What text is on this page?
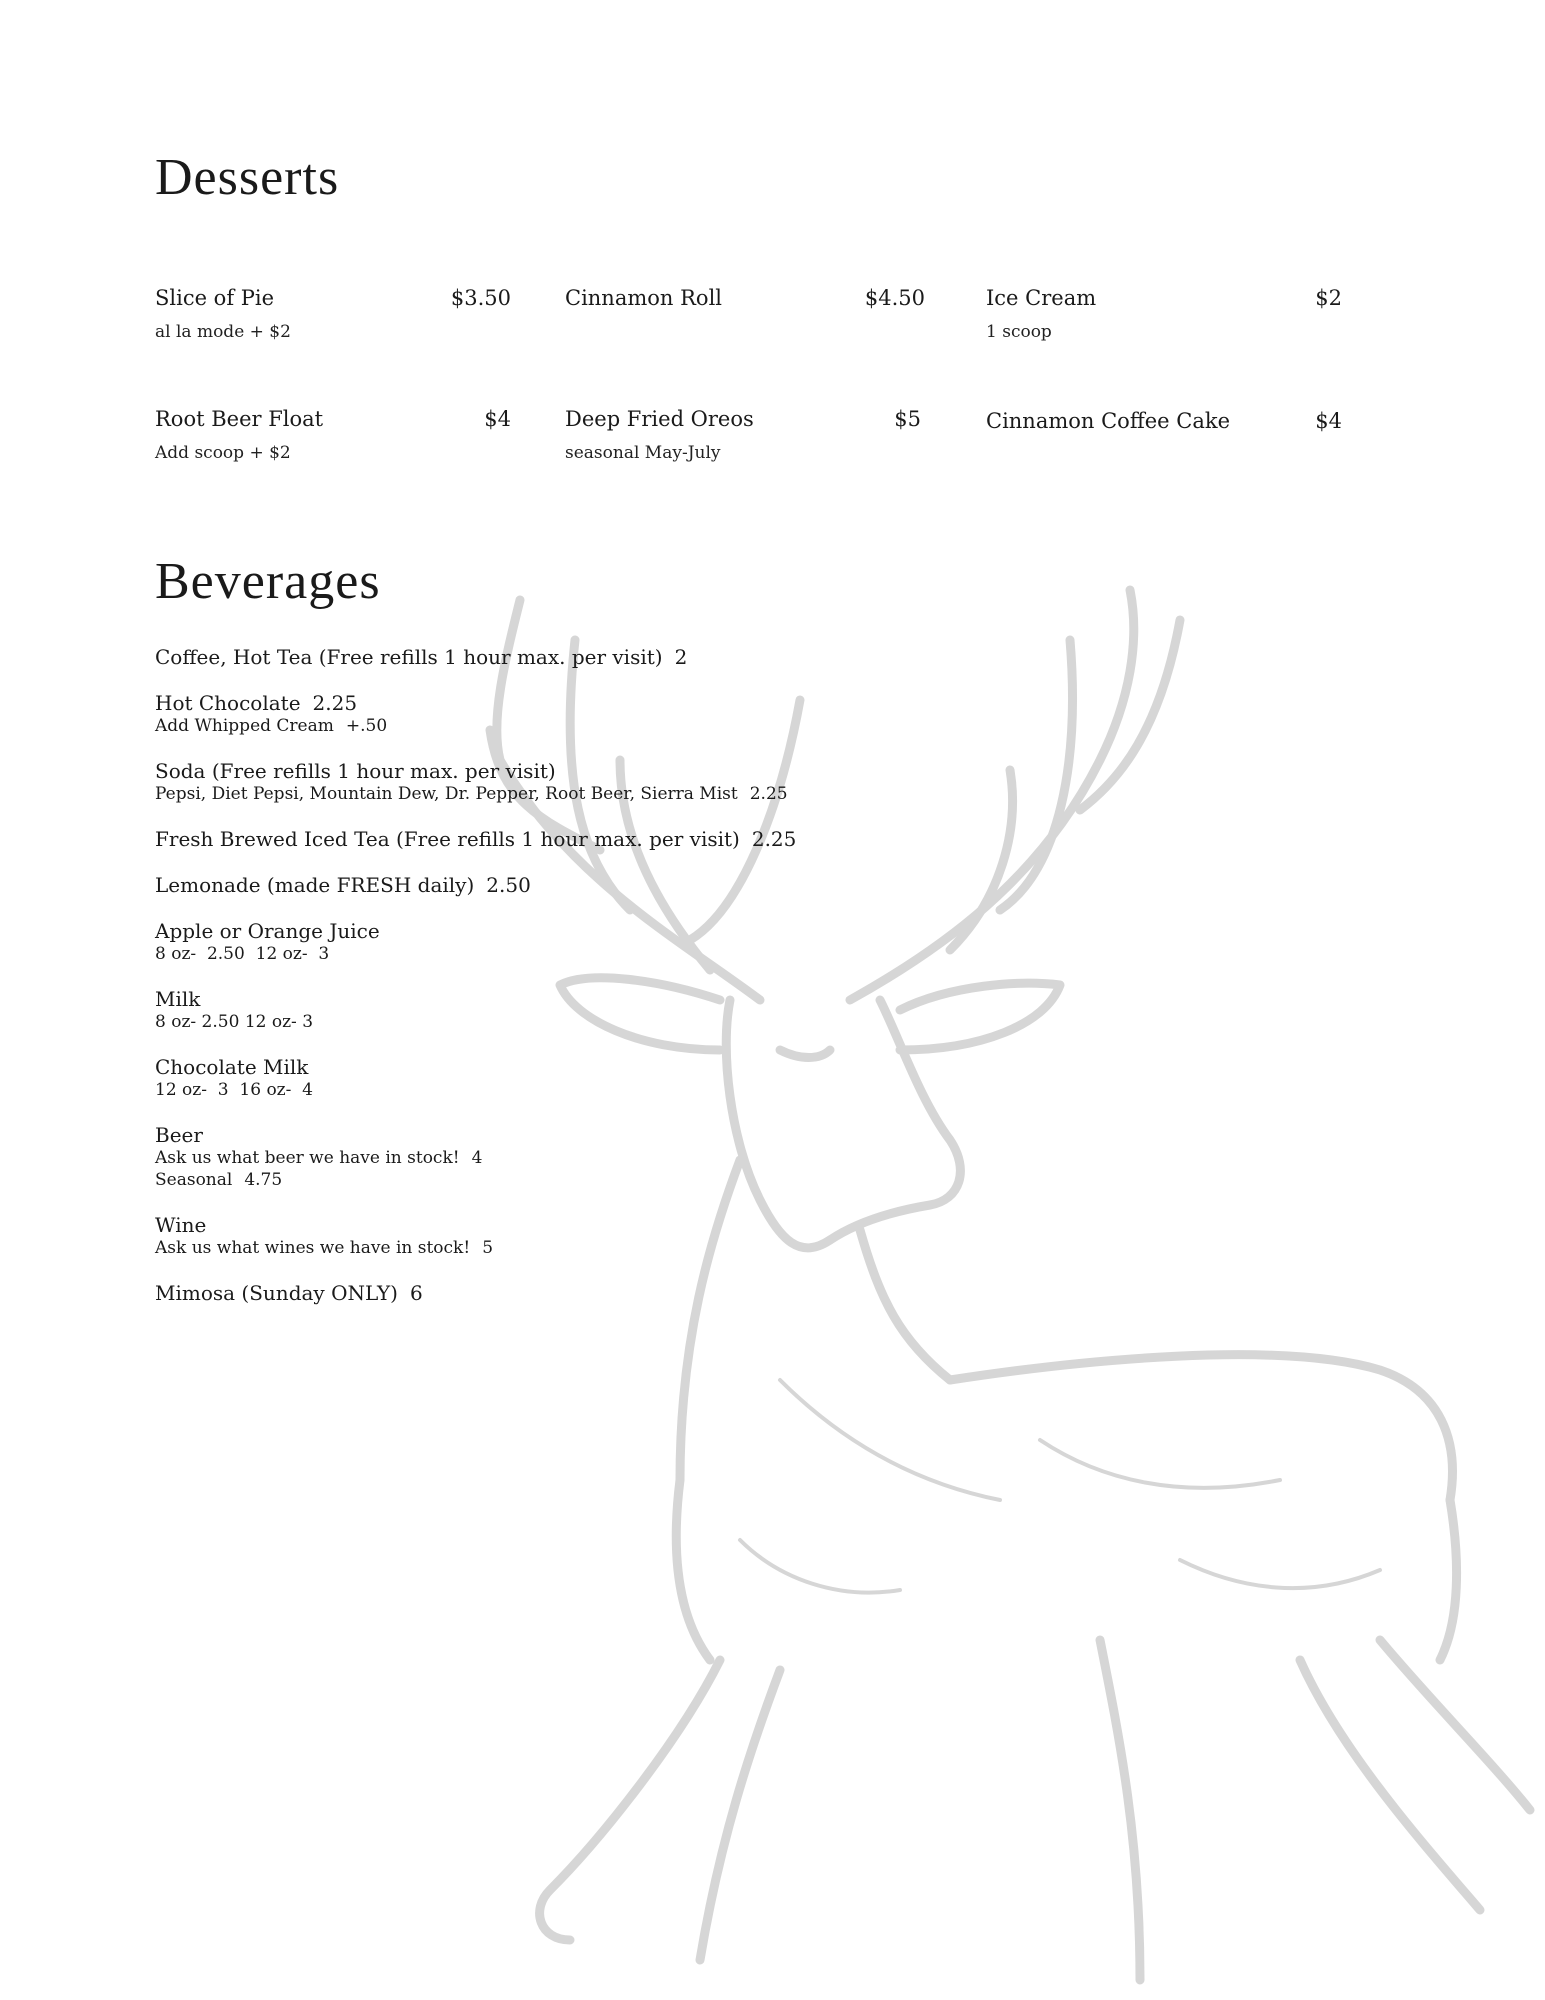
Desserts
Slice of Pie	$3.50
al la mode + $2
Cinnamon Roll	$4.50	Ice Cream	$2
1 scoop
Root Beer Float	$4
Add scoop + $2
Deep Fried Oreos	$5
seasonal May-July
Cinnamon Coffee Cake	$4
Beverages
Coffee, Hot Tea (Free refills 1 hour max. per visit) 2
Hot Chocolate 2.25
Add Whipped Cream +.50
Soda (Free refills 1 hour max. per visit)
Pepsi, Diet Pepsi, Mountain Dew, Dr. Pepper, Root Beer, Sierra Mist 2.25
Fresh Brewed Iced Tea (Free refills 1 hour max. per visit) 2.25
Lemonade (made FRESH daily) 2.50
Apple or Orange Juice
8 oz-  2.50  12 oz-  3
Milk
8 oz- 2.50 12 oz- 3
Chocolate Milk
12 oz-  3  16 oz-  4
Beer
Ask us what beer we have in stock! 4
Seasonal 4.75
Wine
Ask us what wines we have in stock! 5
Mimosa (Sunday ONLY) 6
